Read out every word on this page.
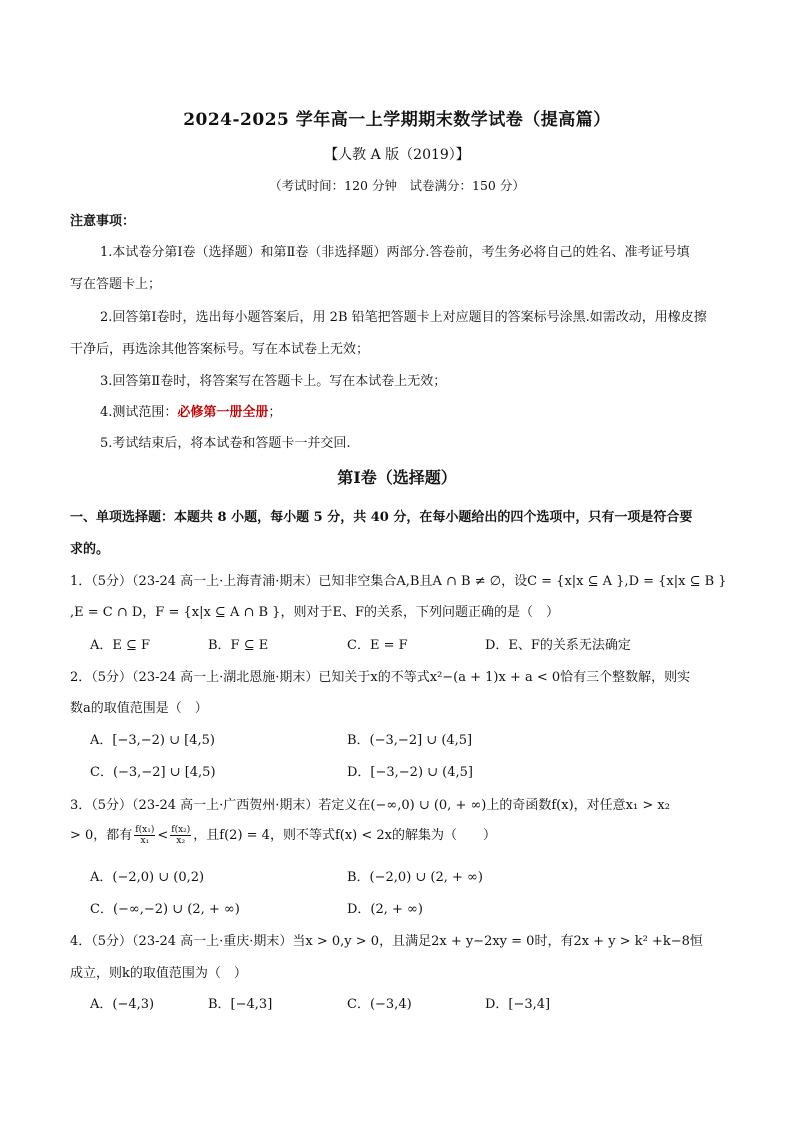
2024-2025 学年高一上学期期末数学试卷（提高篇）
【人教 A 版（2019）】
（考试时间：120 分钟　试卷满分：150 分）
注意事项：
1.本试卷分第Ⅰ卷（选择题）和第Ⅱ卷（非选择题）两部分.答卷前，考生务必将自己的姓名、准考证号填
写在答题卡上；
2.回答第Ⅰ卷时，选出每小题答案后，用 2B 铅笔把答题卡上对应题目的答案标号涂黑.如需改动，用橡皮擦
干净后，再选涂其他答案标号。写在本试卷上无效；
3.回答第Ⅱ卷时，将答案写在答题卡上。写在本试卷上无效；
4.测试范围：必修第一册全册；
5.考试结束后，将本试卷和答题卡一并交回.
第Ⅰ卷（选择题）
一、单项选择题：本题共 8 小题，每小题 5 分，共 40 分，在每小题给出的四个选项中，只有一项是符合要
求的。
1．（5分）（23-24 高一上·上海青浦·期末）已知非空集合A,B且A ∩ B ≠ ∅，设C = {x|x ⊆ A },D = {x|x ⊆ B }
,E = C ∩ D，F = {x|x ⊆ A ∩ B }，则对于E、F的关系，下列问题正确的是（　）
A．E ⊆ F	B．F ⊆ E	C．E = F	D．E、F的关系无法确定
2．（5分）（23-24 高一上·湖北恩施·期末）已知关于x的不等式x²−(a + 1)x + a < 0恰有三个整数解，则实
数a的取值范围是（　）
A．[−3,−2) ∪ [4,5)	B．(−3,−2] ∪ (4,5]
C．(−3,−2] ∪ [4,5)	D．[−3,−2) ∪ (4,5]
3．（5分）（23-24 高一上·广西贺州·期末）若定义在(−∞,0) ∪ (0, + ∞)上的奇函数f(x)，对任意x₁ > x₂
> 0，都有 $\frac{\text{f(x₁)}}{\text{x₁}} < \frac{\text{f(x₂)}}{\text{x₂}}$ ，且f(2) = 4，则不等式f(x) < 2x的解集为（　　）
A．(−2,0) ∪ (0,2)	B．(−2,0) ∪ (2, + ∞)
C．(−∞,−2) ∪ (2, + ∞)	D．(2, + ∞)
4．（5分）（23-24 高一上·重庆·期末）当x > 0,y > 0，且满足2x + y−2xy = 0时，有2x + y > k² +k−8恒
成立，则k的取值范围为（　）
A．(−4,3)	B．[−4,3]	C．(−3,4)	D．[−3,4]
